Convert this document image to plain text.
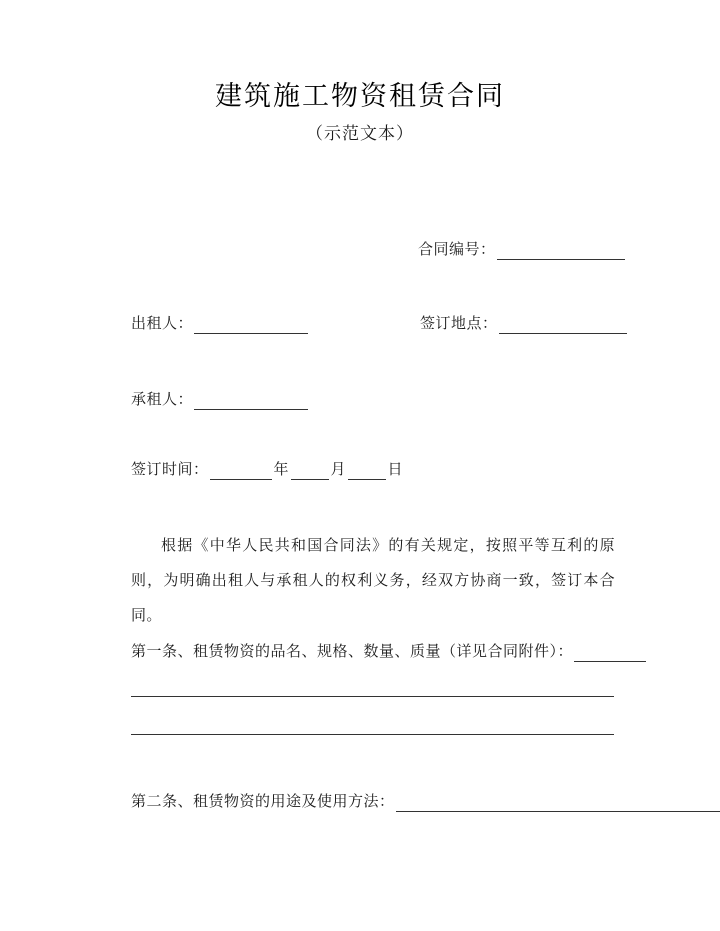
建筑施工物资租赁合同
（示范文本）
合同编号：
出租人：	签订地点：
承租人：
签订时间：	年	月	日
根据《中华人民共和国合同法》的有关规定，按照平等互利的原则，为明确出租人与承租人的权利义务，经双方协商一致，签订本合同。
第一条、租赁物资的品名、规格、数量、质量（详见合同附件）：
第二条、租赁物资的用途及使用方法：
